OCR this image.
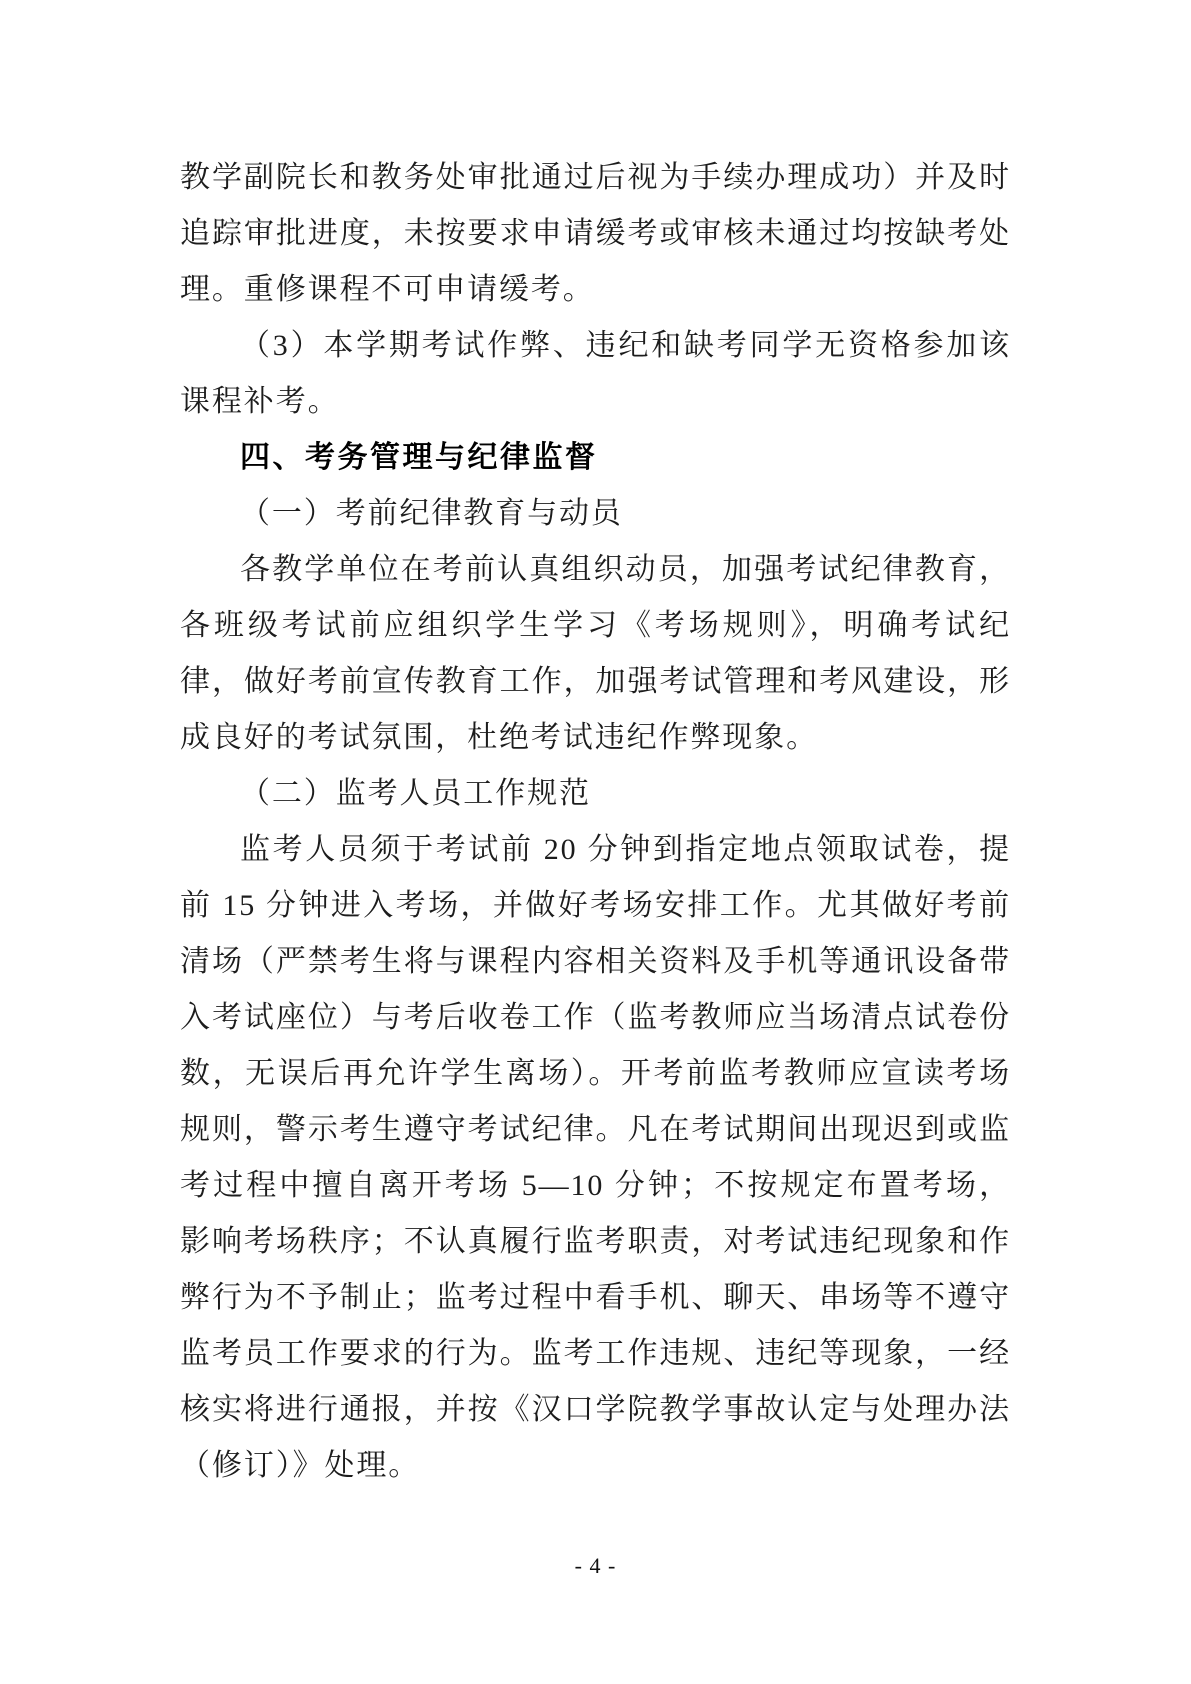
教学副院长和教务处审批通过后视为手续办理成功）并及时追踪审批进度，未按要求申请缓考或审核未通过均按缺考处理。重修课程不可申请缓考。

（3）本学期考试作弊、违纪和缺考同学无资格参加该课程补考。

四、考务管理与纪律监督

（一）考前纪律教育与动员

各教学单位在考前认真组织动员，加强考试纪律教育，各班级考试前应组织学生学习《考场规则》，明确考试纪律，做好考前宣传教育工作，加强考试管理和考风建设，形成良好的考试氛围，杜绝考试违纪作弊现象。

（二）监考人员工作规范

监考人员须于考试前 20 分钟到指定地点领取试卷，提前 15 分钟进入考场，并做好考场安排工作。尤其做好考前清场（严禁考生将与课程内容相关资料及手机等通讯设备带入考试座位）与考后收卷工作（监考教师应当场清点试卷份数，无误后再允许学生离场）。开考前监考教师应宣读考场规则，警示考生遵守考试纪律。凡在考试期间出现迟到或监考过程中擅自离开考场 5—10 分钟；不按规定布置考场，影响考场秩序；不认真履行监考职责，对考试违纪现象和作弊行为不予制止；监考过程中看手机、聊天、串场等不遵守监考员工作要求的行为。监考工作违规、违纪等现象，一经核实将进行通报，并按《汉口学院教学事故认定与处理办法（修订）》处理。

- 4 -
